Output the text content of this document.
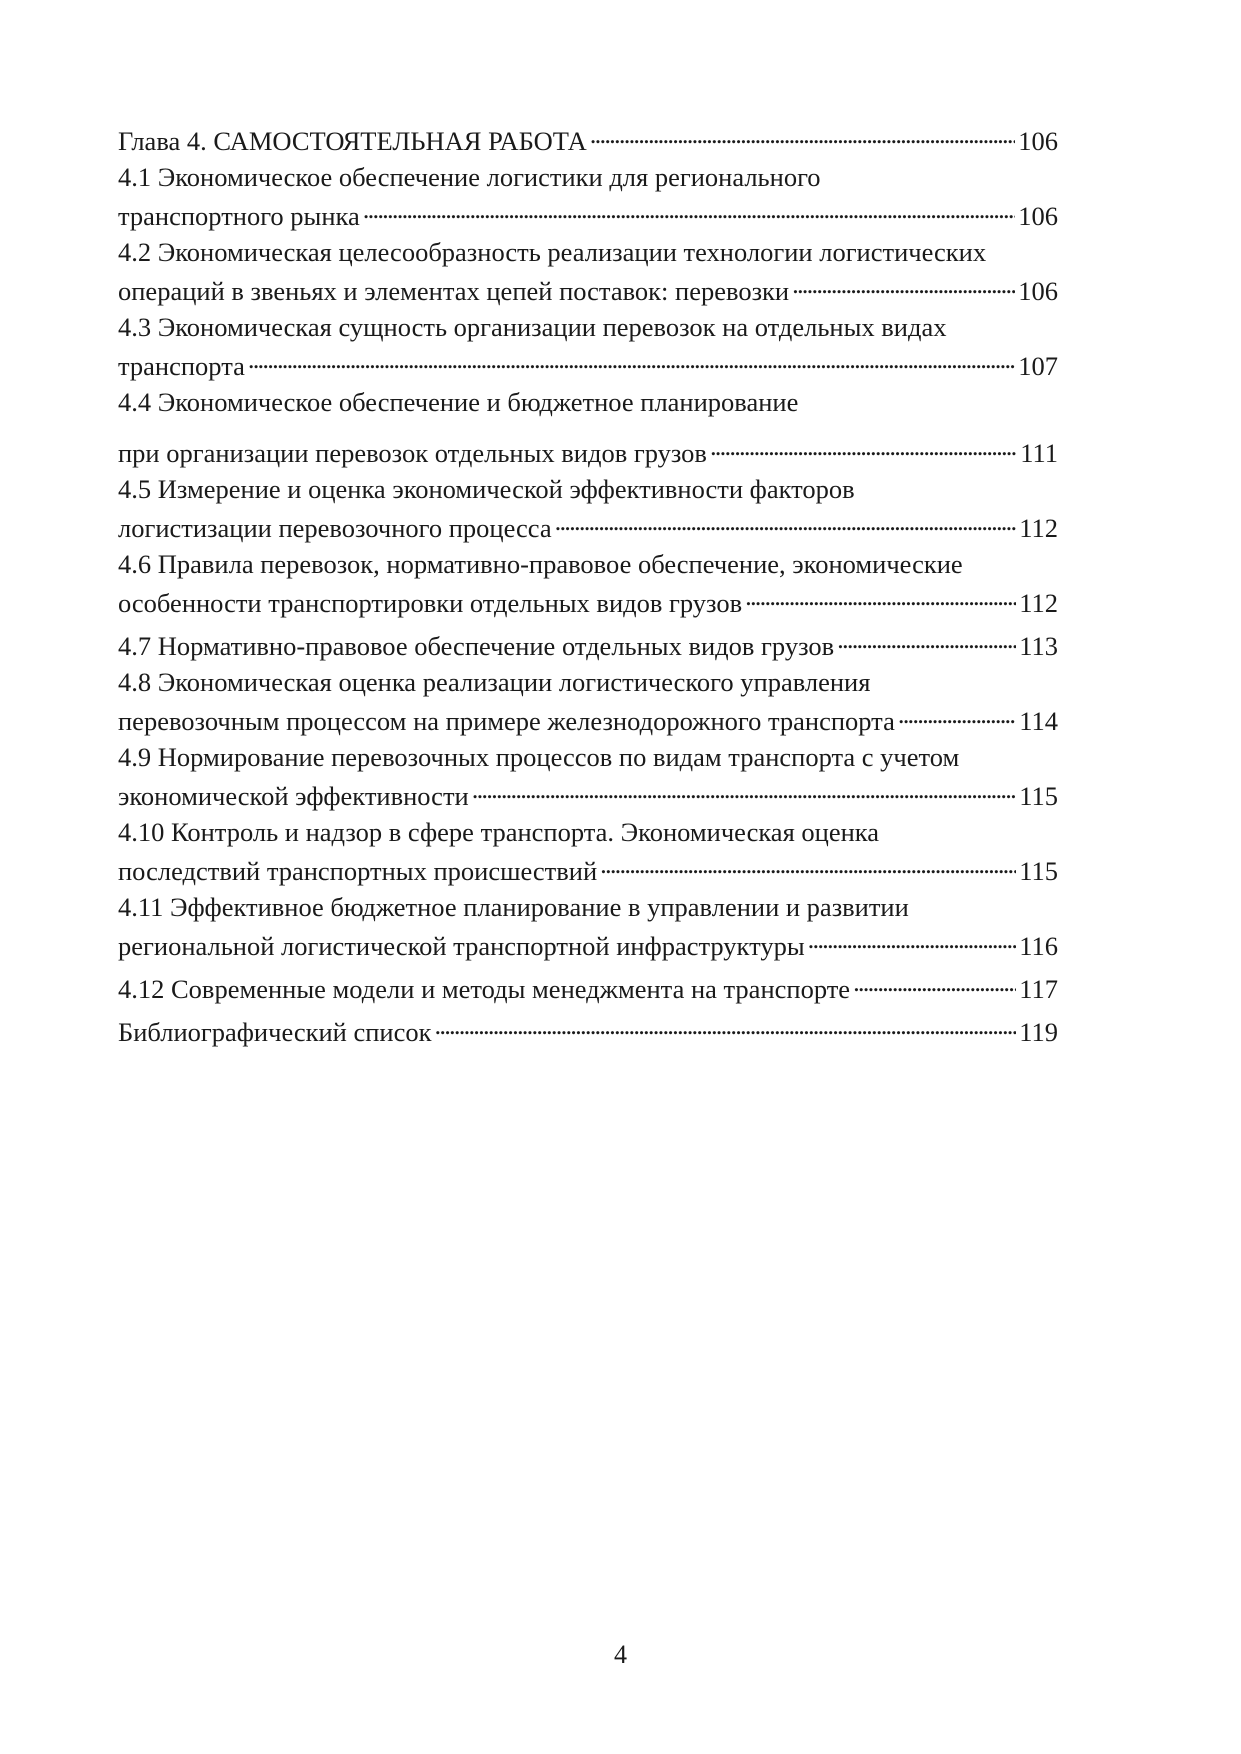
Глава 4. САМОСТОЯТЕЛЬНАЯ РАБОТА . . .	106
4.1 Экономическое обеспечение логистики для регионального
транспортного рынка . . .	106
4.2 Экономическая целесообразность реализации технологии логистических
операций в звеньях и элементах цепей поставок: перевозки . . .	106
4.3 Экономическая сущность организации перевозок на отдельных видах
транспорта . . .	107
4.4 Экономическое обеспечение и бюджетное планирование
при организации перевозок отдельных видов грузов . . .	111
4.5 Измерение и оценка экономической эффективности факторов
логистизации перевозочного процесса . . .	112
4.6 Правила перевозок, нормативно-правовое обеспечение, экономические
особенности транспортировки отдельных видов грузов . . .	112
4.7 Нормативно-правовое обеспечение отдельных видов грузов . . .	113
4.8 Экономическая оценка реализации логистического управления
перевозочным процессом на примере железнодорожного транспорта . . .	114
4.9 Нормирование перевозочных процессов по видам транспорта с учетом
экономической эффективности . . .	115
4.10 Контроль и надзор в сфере транспорта. Экономическая оценка
последствий транспортных происшествий . . .	115
4.11 Эффективное бюджетное планирование в управлении и развитии
региональной логистической транспортной инфраструктуры . . .	116
4.12 Современные модели и методы менеджмента на транспорте . . .	117
Библиографический список . . .	119
4
